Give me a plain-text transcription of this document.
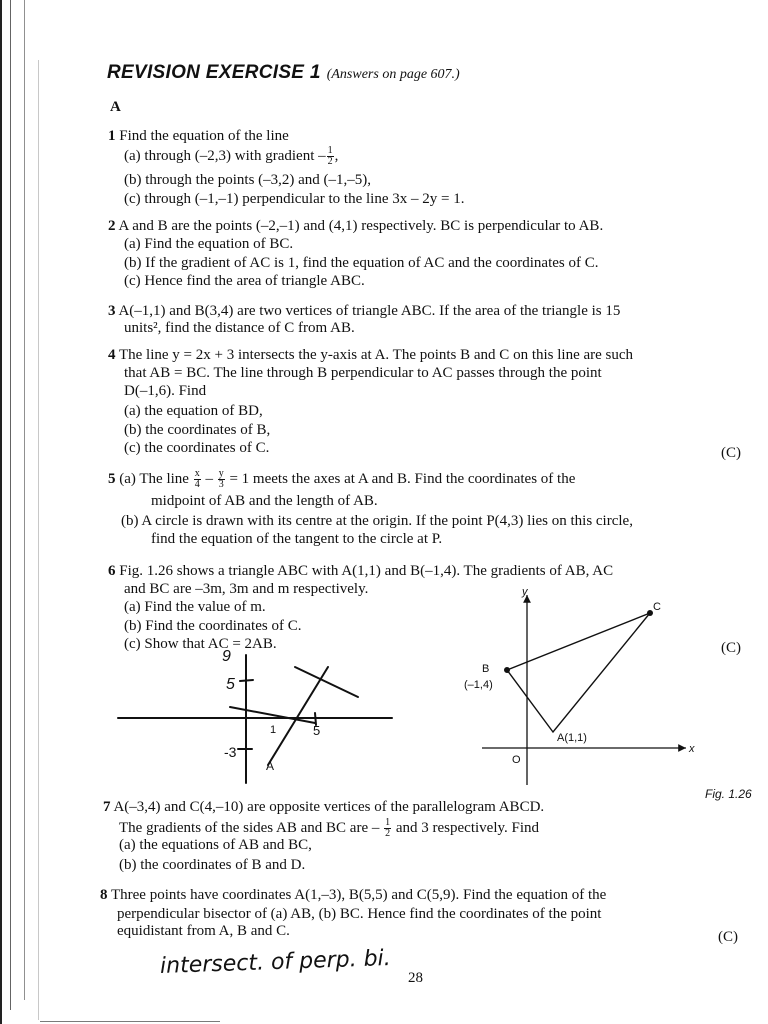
REVISION EXERCISE 1 (Answers on page 607.)
A
1 Find the equation of the line
(a) through (–2,3) with gradient – $\frac{1}{2}$ ,
(b) through the points (–3,2) and (–1,–5),
(c) through (–1,–1) perpendicular to the line 3x – 2y = 1.
2 A and B are the points (–2,–1) and (4,1) respectively. BC is perpendicular to AB.
(a) Find the equation of BC.
(b) If the gradient of AC is 1, find the equation of AC and the coordinates of C.
(c) Hence find the area of triangle ABC.
3 A(–1,1) and B(3,4) are two vertices of triangle ABC. If the area of the triangle is 15
units², find the distance of C from AB.
4 The line y = 2x + 3 intersects the y-axis at A. The points B and C on this line are such
that AB = BC. The line through B perpendicular to AC passes through the point
D(–1,6). Find
(a) the equation of BD,
(b) the coordinates of B,
(c) the coordinates of C.	(C)
5 (a) The line $\frac{x}{4} - \frac{y}{3} = 1$ meets the axes at A and B. Find the coordinates of the
midpoint of AB and the length of AB.
(b) A circle is drawn with its centre at the origin. If the point P(4,3) lies on this circle,
find the equation of the tangent to the circle at P.
6 Fig. 1.26 shows a triangle ABC with A(1,1) and B(–1,4). The gradients of AB, AC
and BC are –3m, 3m and m respectively.
(a) Find the value of m.
(b) Find the coordinates of C.
(c) Show that AC = 2AB.	(C)
9
5
1	5
-3
A
y
x
O
B
(–1,4)
A(1,1)
C
Fig. 1.26
7 A(–3,4) and C(4,–10) are opposite vertices of the parallelogram ABCD.
The gradients of the sides AB and BC are – $\frac{1}{2}$ and 3 respectively. Find
(a) the equations of AB and BC,
(b) the coordinates of B and D.
8 Three points have coordinates A(1,–3), B(5,5) and C(5,9). Find the equation of the
perpendicular bisector of (a) AB, (b) BC. Hence find the coordinates of the point
equidistant from A, B and C.	(C)
intersect. of perp. bi. 28
